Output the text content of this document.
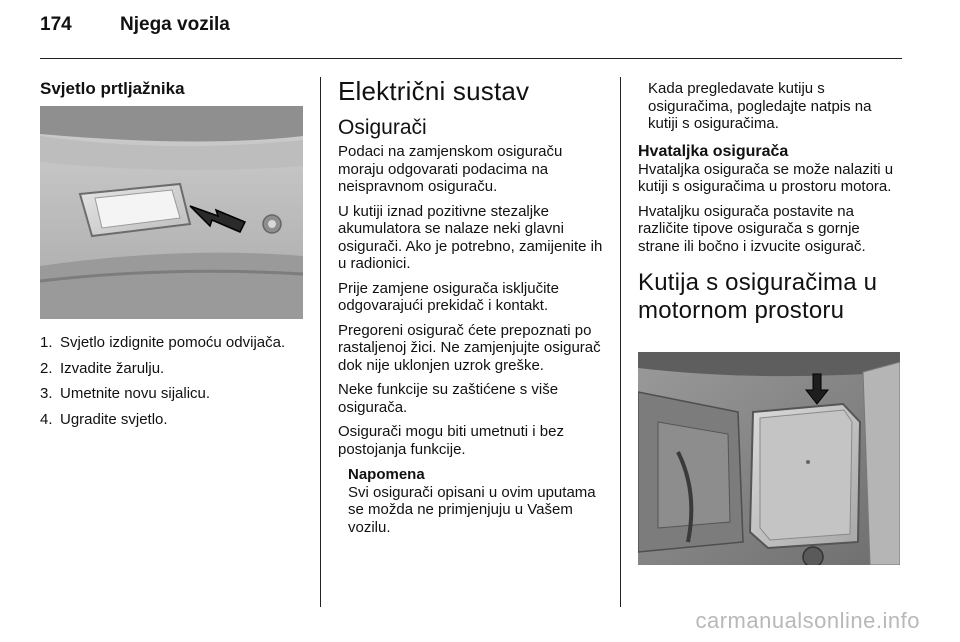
174	Njega vozila
Svjetlo prtljažnika
1. Svjetlo izdignite pomoću odvijača.
2. Izvadite žarulju.
3. Umetnite novu sijalicu.
4. Ugradite svjetlo.
Električni sustav
Osigurači

Podaci na zamjenskom osiguraču moraju odgovarati podacima na neispravnom osiguraču.

U kutiji iznad pozitivne stezaljke akumulatora se nalaze neki glavni osigurači. Ako je potrebno, zamijenite ih u radionici.

Prije zamjene osigurača isključite odgovarajući prekidač i kontakt.

Pregoreni osigurač ćete prepoznati po rastaljenoj žici. Ne zamjenjujte osigurač dok nije uklonjen uzrok greške.

Neke funkcije su zaštićene s više osigurača.

Osigurači mogu biti umetnuti i bez postojanja funkcije.

Napomena
Svi osigurači opisani u ovim uputama se možda ne primjenjuju u Vašem vozilu.

Kada pregledavate kutiju s osiguračima, pogledajte natpis na kutiji s osiguračima.

Hvataljka osigurača

Hvataljka osigurača se može nalaziti u kutiji s osiguračima u prostoru motora.

Hvataljku osigurača postavite na različite tipove osigurača s gornje strane ili bočno i izvucite osigurač.

Kutija s osiguračima u motornom prostoru
carmanualsonline.info
